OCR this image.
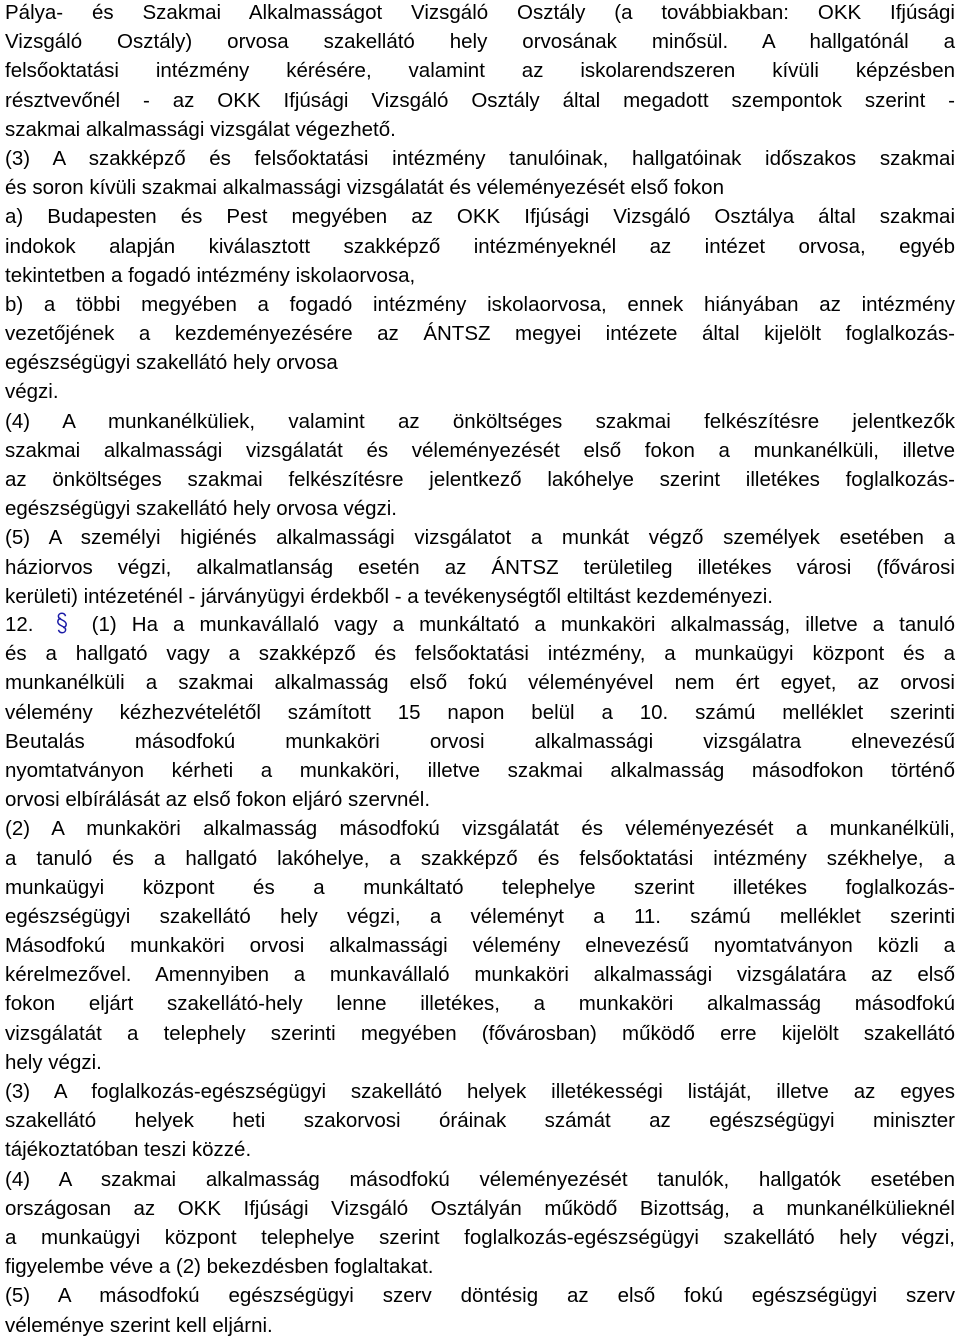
Pálya- és Szakmai Alkalmasságot Vizsgáló Osztály (a továbbiakban: OKK Ifjúsági
Vizsgáló Osztály) orvosa szakellátó hely orvosának minősül. A hallgatónál a
felsőoktatási intézmény kérésére, valamint az iskolarendszeren kívüli képzésben
résztvevőnél - az OKK Ifjúsági Vizsgáló Osztály által megadott szempontok szerint -
szakmai alkalmassági vizsgálat végezhető.
(3) A szakképző és felsőoktatási intézmény tanulóinak, hallgatóinak időszakos szakmai
és soron kívüli szakmai alkalmassági vizsgálatát és véleményezését első fokon
a) Budapesten és Pest megyében az OKK Ifjúsági Vizsgáló Osztálya által szakmai
indokok alapján kiválasztott szakképző intézményeknél az intézet orvosa, egyéb
tekintetben a fogadó intézmény iskolaorvosa,
b) a többi megyében a fogadó intézmény iskolaorvosa, ennek hiányában az intézmény
vezetőjének a kezdeményezésére az ÁNTSZ megyei intézete által kijelölt foglalkozás-
egészségügyi szakellátó hely orvosa
végzi.
(4) A munkanélküliek, valamint az önköltséges szakmai felkészítésre jelentkezők
szakmai alkalmassági vizsgálatát és véleményezését első fokon a munkanélküli, illetve
az önköltséges szakmai felkészítésre jelentkező lakóhelye szerint illetékes foglalkozás-
egészségügyi szakellátó hely orvosa végzi.
(5) A személyi higiénés alkalmassági vizsgálatot a munkát végző személyek esetében a
háziorvos végzi, alkalmatlanság esetén az ÁNTSZ területileg illetékes városi (fővárosi
kerületi) intézeténél - járványügyi érdekből - a tevékenységtől eltiltást kezdeményezi.
12.	(1) Ha a munkavállaló vagy a munkáltató a munkaköri alkalmasság, illetve a tanuló
és a hallgató vagy a szakképző és felsőoktatási intézmény, a munkaügyi központ és a
munkanélküli a szakmai alkalmasság első fokú véleményével nem ért egyet, az orvosi
vélemény kézhezvételétől számított 15 napon belül a 10. számú melléklet szerinti
Beutalás másodfokú munkaköri orvosi alkalmassági vizsgálatra elnevezésű
nyomtatványon kérheti a munkaköri, illetve szakmai alkalmasság másodfokon történő
orvosi elbírálását az első fokon eljáró szervnél.
(2) A munkaköri alkalmasság másodfokú vizsgálatát és véleményezését a munkanélküli,
a tanuló és a hallgató lakóhelye, a szakképző és felsőoktatási intézmény székhelye, a
munkaügyi központ és a munkáltató telephelye szerint illetékes foglalkozás-
egészségügyi szakellátó hely végzi, a véleményt a 11. számú melléklet szerinti
Másodfokú munkaköri orvosi alkalmassági vélemény elnevezésű nyomtatványon közli a
kérelmezővel. Amennyiben a munkavállaló munkaköri alkalmassági vizsgálatára az első
fokon eljárt szakellátó-hely lenne illetékes, a munkaköri alkalmasság másodfokú
vizsgálatát a telephely szerinti megyében (fővárosban) működő erre kijelölt szakellátó
hely végzi.
(3) A foglalkozás-egészségügyi szakellátó helyek illetékességi listáját, illetve az egyes
szakellátó helyek heti szakorvosi óráinak számát az egészségügyi miniszter
tájékoztatóban teszi közzé.
(4) A szakmai alkalmasság másodfokú véleményezését tanulók, hallgatók esetében
országosan az OKK Ifjúsági Vizsgáló Osztályán működő Bizottság, a munkanélkülieknél
a munkaügyi központ telephelye szerint foglalkozás-egészségügyi szakellátó hely végzi,
figyelembe véve a (2) bekezdésben foglaltakat.
(5) A másodfokú egészségügyi szerv döntésig az első fokú egészségügyi szerv
véleménye szerint kell eljárni.
